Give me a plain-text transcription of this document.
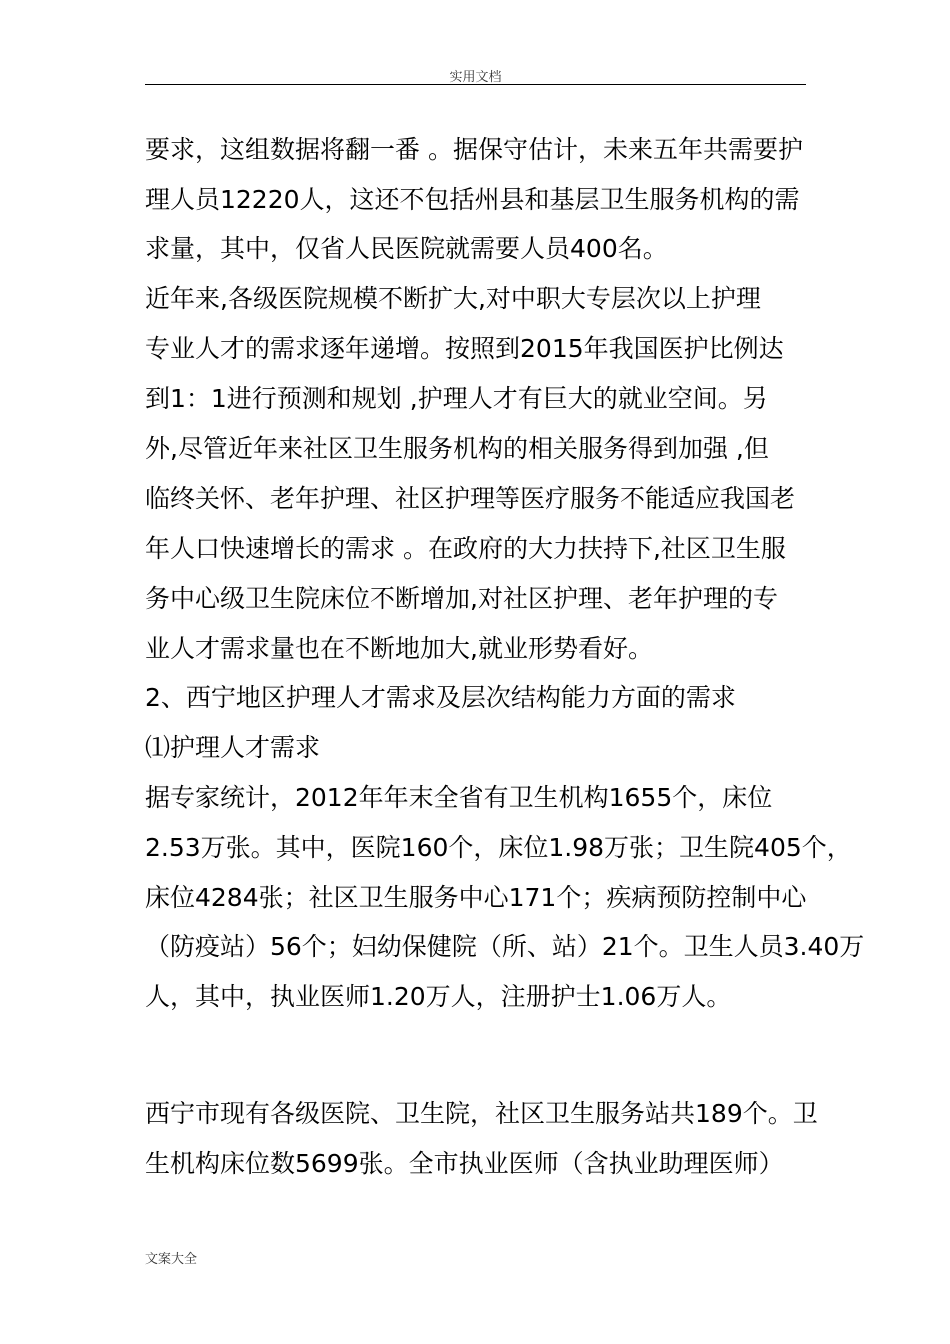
实用文档
要求，这组数据将翻一番 。据保守估计，未来五年共需要护
理人员12220人，这还不包括州县和基层卫生服务机构的需
求量，其中，仅省人民医院就需要人员400名。
近年来,各级医院规模不断扩大,对中职大专层次以上护理
专业人才的需求逐年递增。按照到2015年我国医护比例达
到1：1进行预测和规划 ,护理人才有巨大的就业空间。另
外,尽管近年来社区卫生服务机构的相关服务得到加强 ,但
临终关怀、老年护理、社区护理等医疗服务不能适应我国老
年人口快速增长的需求 。在政府的大力扶持下,社区卫生服
务中心级卫生院床位不断增加,对社区护理、老年护理的专
业人才需求量也在不断地加大,就业形势看好。
2、西宁地区护理人才需求及层次结构能力方面的需求
⑴护理人才需求
据专家统计，2012年年末全省有卫生机构1655个，床位
2.53万张。其中，医院160个，床位1.98万张；卫生院405个，
床位4284张；社区卫生服务中心171个；疾病预防控制中心
（防疫站）56个；妇幼保健院（所、站）21个。卫生人员3.40万
人，其中，执业医师1.20万人，注册护士1.06万人。
西宁市现有各级医院、卫生院，社区卫生服务站共189个。卫
生机构床位数5699张。全市执业医师（含执业助理医师）
文案大全
